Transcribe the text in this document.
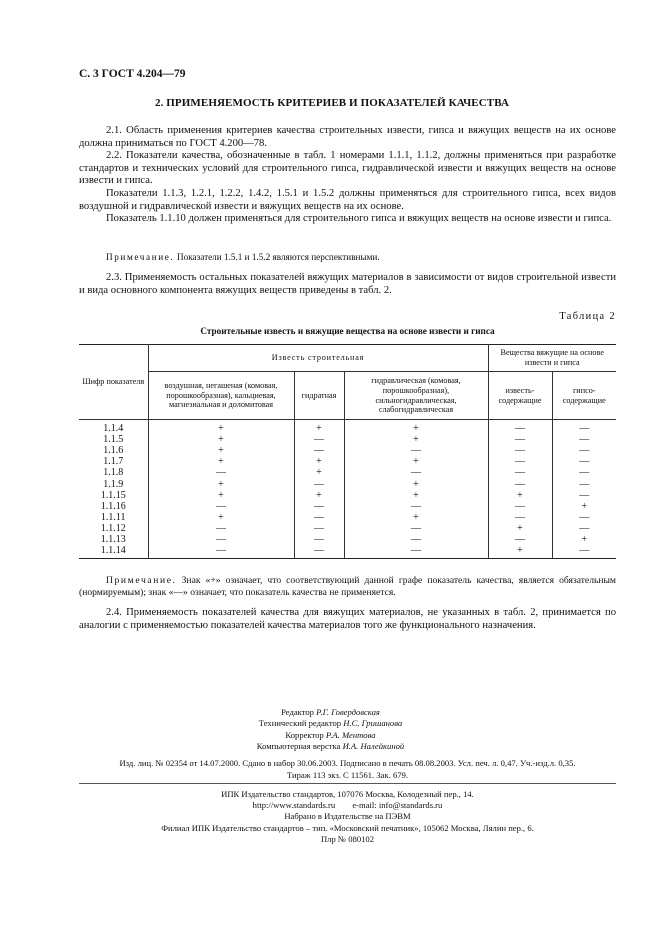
С. 3 ГОСТ 4.204—79
2. ПРИМЕНЯЕМОСТЬ КРИТЕРИЕВ И ПОКАЗАТЕЛЕЙ КАЧЕСТВА

2.1. Область применения критериев качества строительных извести, гипса и вяжущих веществ на их основе должна приниматься по ГОСТ 4.200—78.

2.2. Показатели качества, обозначенные в табл. 1 номерами 1.1.1, 1.1.2, должны применяться при разработке стандартов и технических условий для строительного гипса, гидравлической извести и вяжущих веществ на основе извести и гипса.

Показатели 1.1.3, 1.2.1, 1.2.2, 1.4.2, 1.5.1 и 1.5.2 должны применяться для строительного гипса, всех видов воздушной и гидравлической извести и вяжущих веществ на их основе.

Показатель 1.1.10 должен применяться для строительного гипса и вяжущих веществ на основе извести и гипса.

Примечание. Показатели 1.5.1 и 1.5.2 являются перспективными.

2.3. Применяемость остальных показателей вяжущих материалов в зависимости от видов строительной извести и вида основного компонента вяжущих веществ приведены в табл. 2.

Таблица 2
Строительные известь и вяжущие вещества на основе извести и гипса
Шифр показателя	Известь строительная			Вещества вяжущие на основе извести и гипса	
	воздушная, негашеная (комовая, порошкообразная), кальциевая, магнезиальная и доломитовая	гидратная	гидравлическая (комовая, порошкообразная), сильногидравлическая, слабогидравлическая	известь-содержащие	гипсо-содержащие
1.1.4	+	+	+	—	—
1.1.5	+	—	+	—	—
1.1.6	+	—	—	—	—
1.1.7	+	+	+	—	—
1.1.8	—	+	—	—	—
1.1.9	+	—	+	—	—
1.1.15	+	+	+	+	—
1.1.16	—	—	—	—	+
1.1.11	+	—	+	—	—
1.1.12	—	—	—	+	—
1.1.13	—	—	—	—	+
1.1.14	—	—	—	+	—

Примечание. Знак «+» означает, что соответствующий данной графе показатель качества, является обязательным (нормируемым); знак «—» означает, что показатель качества не применяется.

2.4. Применяемость показателей качества для вяжущих материалов, не указанных в табл. 2, принимается по аналогии с применяемостью показателей качества материалов того же функционального назначения.

Редактор Р.Г. Говердовская
Технический редактор Н.С. Гришанова
Корректор Р.А. Ментова
Компьютерная верстка И.А. Налейкиной
Изд. лиц. № 02354 от 14.07.2000. Сдано в набор 30.06.2003. Подписано в печать 08.08.2003. Усл. печ. л. 0,47. Уч.-изд.л. 0,35.
Тираж 113 экз. С 11561. Зак. 679.
ИПК Издательство стандартов, 107076 Москва, Колодезный пер., 14.
http://www.standards.ru        e-mail: info@standards.ru
Набрано в Издательстве на ПЭВМ
Филиал ИПК Издательство стандартов – тип. «Московский печатник», 105062 Москва, Лялин пер., 6.
Плр № 080102
